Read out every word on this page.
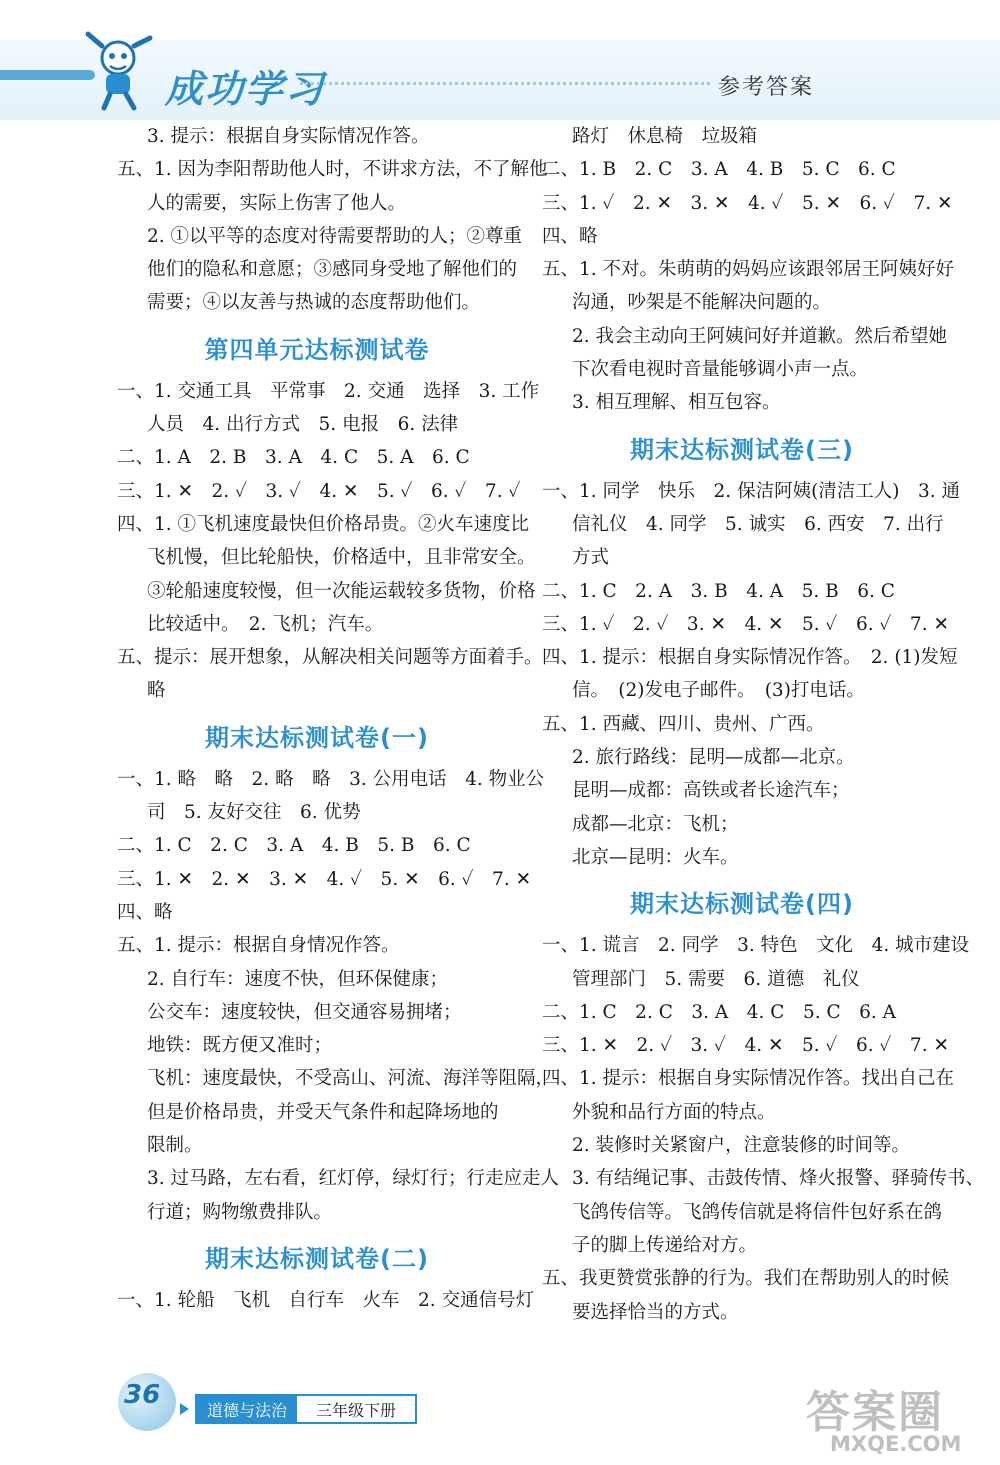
成功学习	参考答案
3. 提示：根据自身实际情况作答。
五、1. 因为李阳帮助他人时，不讲求方法，不了解他
人的需要，实际上伤害了他人。
2. ①以平等的态度对待需要帮助的人；②尊重
他们的隐私和意愿；③感同身受地了解他们的
需要；④以友善与热诚的态度帮助他们。
第四单元达标测试卷
一、1. 交通工具　平常事　2. 交通　选择　3. 工作
人员　4. 出行方式　5. 电报　6. 法律
二、1. A　2. B　3. A　4. C　5. A　6. C
三、1. ✕　2. ✓　3. ✓　4. ✕　5. ✓　6. ✓　7. ✓
四、1. ①飞机速度最快但价格昂贵。②火车速度比
飞机慢，但比轮船快，价格适中，且非常安全。
③轮船速度较慢，但一次能运载较多货物，价格
比较适中。　2. 飞机；汽车。
五、提示：展开想象，从解决相关问题等方面着手。
略
期末达标测试卷(一)
一、1. 略　略　2. 略　略　3. 公用电话　4. 物业公
司　5. 友好交往　6. 优势
二、1. C　2. C　3. A　4. B　5. B　6. C
三、1. ✕　2. ✕　3. ✕　4. ✓　5. ✕　6. ✓　7. ✕
四、略
五、1. 提示：根据自身情况作答。
2. 自行车：速度不快，但环保健康；
公交车：速度较快，但交通容易拥堵；
地铁：既方便又准时；
飞机：速度最快，不受高山、河流、海洋等阻隔，
但是价格昂贵，并受天气条件和起降场地的
限制。
3. 过马路，左右看，红灯停，绿灯行；行走应走人
行道；购物缴费排队。
期末达标测试卷(二)
一、1. 轮船　飞机　自行车　火车　2. 交通信号灯
路灯　休息椅　垃圾箱
二、1. B　2. C　3. A　4. B　5. C　6. C
三、1. ✓　2. ✕　3. ✕　4. ✓　5. ✕　6. ✓　7. ✕
四、略
五、1. 不对。朱萌萌的妈妈应该跟邻居王阿姨好好
沟通，吵架是不能解决问题的。
2. 我会主动向王阿姨问好并道歉。然后希望她
下次看电视时音量能够调小声一点。
3. 相互理解、相互包容。
期末达标测试卷(三)
一、1. 同学　快乐　2. 保洁阿姨(清洁工人)　3. 通
信礼仪　4. 同学　5. 诚实　6. 西安　7. 出行
方式
二、1. C　2. A　3. B　4. A　5. B　6. C
三、1. ✓　2. ✓　3. ✕　4. ✕　5. ✓　6. ✓　7. ✕
四、1. 提示：根据自身实际情况作答。　2. (1)发短
信。　(2)发电子邮件。　(3)打电话。
五、1. 西藏、四川、贵州、广西。
2. 旅行路线：昆明—成都—北京。
昆明—成都：高铁或者长途汽车；
成都—北京：飞机；
北京—昆明：火车。
期末达标测试卷(四)
一、1. 谎言　2. 同学　3. 特色　文化　4. 城市建设
管理部门　5. 需要　6. 道德　礼仪
二、1. C　2. C　3. A　4. C　5. C　6. A
三、1. ✕　2. ✓　3. ✓　4. ✕　5. ✓　6. ✓　7. ✕
四、1. 提示：根据自身实际情况作答。找出自己在
外貌和品行方面的特点。
2. 装修时关紧窗户，注意装修的时间等。
3. 有结绳记事、击鼓传情、烽火报警、驿骑传书、
飞鸽传信等。飞鸽传信就是将信件包好系在鸽
子的脚上传递给对方。
五、我更赞赏张静的行为。我们在帮助别人的时候
要选择恰当的方式。
36	道德与法治	三年级下册	答案圈
MXQE.COM
